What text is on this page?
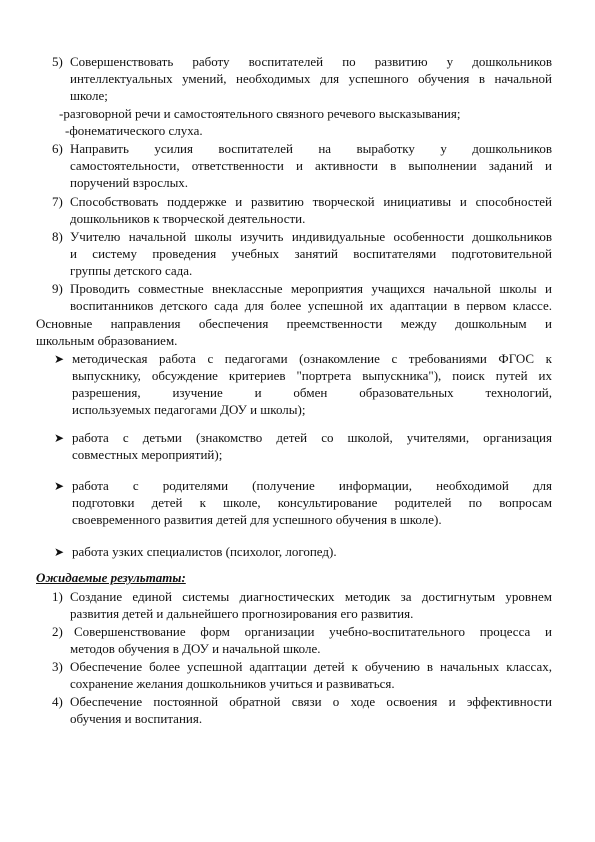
5) Совершенствовать работу воспитателей по развитию у дошкольников
интеллектуальных умений, необходимых для успешного обучения в начальной
школе;
-разговорной речи и самостоятельного связного речевого высказывания;
-фонематического слуха.
6) Направить усилия воспитателей на выработку у дошкольников
самостоятельности, ответственности и активности в выполнении заданий и
поручений взрослых.
7) Способствовать поддержке и развитию творческой инициативы и способностей
дошкольников к творческой деятельности.
8) Учителю начальной школы изучить индивидуальные особенности дошкольников
и систему проведения учебных занятий воспитателями подготовительной
группы детского сада.
9) Проводить совместные внеклассные мероприятия учащихся начальной школы и
воспитанников детского сада для более успешной их адаптации в первом классе.
Основные направления обеспечения преемственности между дошкольным и
школьным образованием.
➤ методическая работа с педагогами (ознакомление с требованиями ФГОС к
выпускнику, обсуждение критериев "портрета выпускника"), поиск путей их
разрешения, изучение и обмен образовательных технологий,
используемых педагогами ДОУ и школы);
➤ работа с детьми (знакомство детей со школой, учителями, организация
совместных мероприятий);
➤ работа с родителями (получение информации, необходимой для
подготовки детей к школе, консультирование родителей по вопросам
своевременного развития детей для успешного обучения в школе).
➤ работа узких специалистов (психолог, логопед).
Ожидаемые результаты:
1) Создание единой системы диагностических методик за достигнутым уровнем
развития детей и дальнейшего прогнозирования его развития.
2) Совершенствование форм организации учебно-воспитательного процесса и
методов обучения в ДОУ и начальной школе.
3) Обеспечение более успешной адаптации детей к обучению в начальных классах,
сохранение желания дошкольников учиться и развиваться.
4) Обеспечение постоянной обратной связи о ходе освоения и эффективности
обучения и воспитания.
